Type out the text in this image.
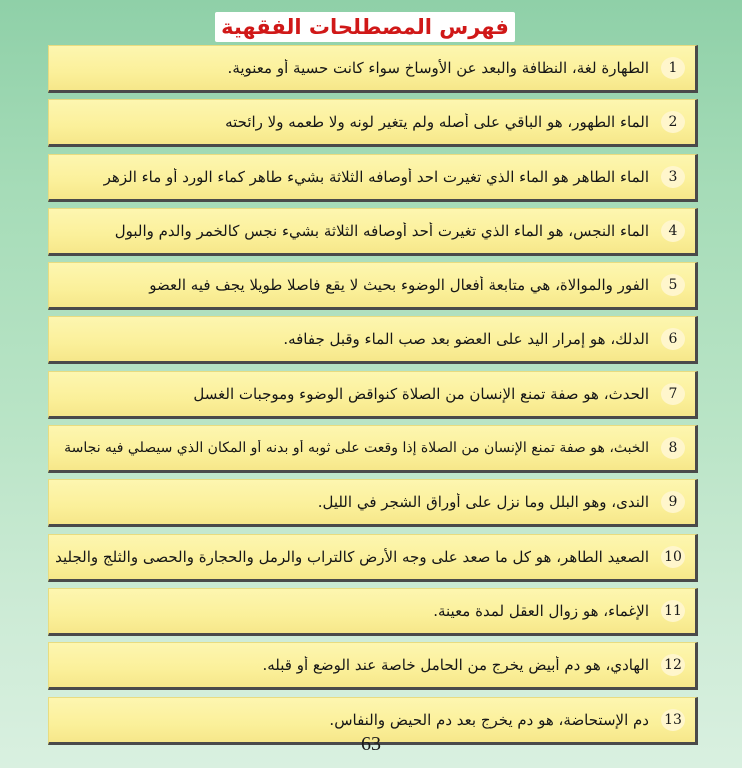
فهرس المصطلحات الفقهية
1
الطهارة لغة، النظافة والبعد عن الأوساخ سواء كانت حسية أو معنوية.
2
الماء الطهور، هو الباقي على أصله ولم يتغير لونه ولا طعمه ولا رائحته
3
الماء الطاهر هو الماء الذي تغيرت احد أوصافه الثلاثة بشيء طاهر كماء الورد أو ماء الزهر
4
الماء النجس، هو الماء الذي تغيرت أحد أوصافه الثلاثة بشيء نجس كالخمر والدم والبول
5
الفور والموالاة، هي متابعة أفعال الوضوء بحيث لا يقع فاصلا طويلا يجف فيه العضو
6
الدلك، هو إمرار اليد على العضو بعد صب الماء وقبل جفافه.
7
الحدث، هو صفة تمنع الإنسان من الصلاة كنواقض الوضوء وموجبات الغسل
8
الخبث، هو صفة تمنع الإنسان من الصلاة إذا وقعت على ثوبه أو بدنه أو المكان الذي سيصلي فيه نجاسة
9
الندى، وهو البلل وما نزل على أوراق الشجر في الليل.
10
الصعيد الطاهر، هو كل ما صعد على وجه الأرض كالتراب والرمل والحجارة والحصى والثلج والجليد
11
الإغماء، هو زوال العقل لمدة معينة.
12
الهادي، هو دم أبيض يخرج من الحامل خاصة عند الوضع أو قبله.
13
دم الإستحاضة، هو دم يخرج بعد دم الحيض والنفاس.
63
